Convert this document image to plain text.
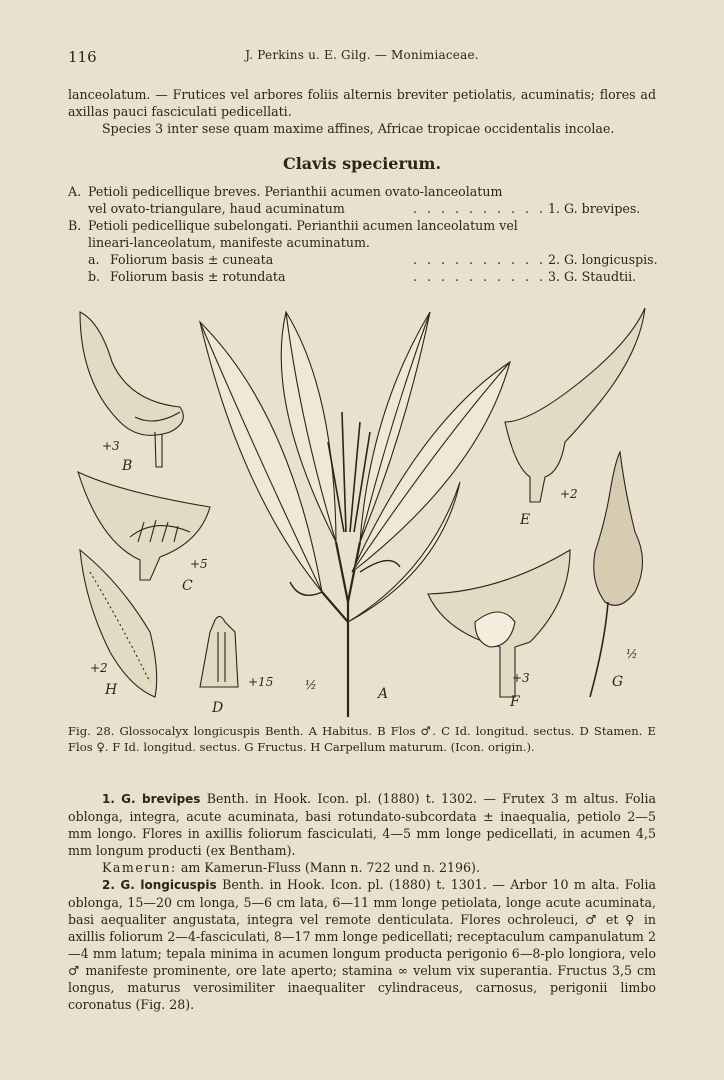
116	J. Perkins u. E. Gilg. — Monimiaceae.

lanceolatum. — Frutices vel arbores foliis alternis breviter petiolatis, acuminatis; flores ad axillas pauci fasciculati pedicellati.

Species 3 inter sese quam maxime affines, Africae tropicae occidentalis incolae.

Clavis specierum.
A. Petioli pedicellique breves. Perianthii acumen ovato-lanceolatum
vel ovato-triangulare, haud acuminatum	. . . . . . . . . . 1. G. brevipes.
B. Petioli pedicellique subelongati. Perianthii acumen lanceolatum vel
lineari-lanceolatum, manifeste acuminatum.
a. Foliorum basis ± cuneata	. . . . . . . . . . 2. G. longicuspis.
b. Foliorum basis ± rotundata	. . . . . . . . . . 3. G. Staudtii.
A
½
B
+3
C
+5
D
+15
E
+2
F
+3	G
½
H
+2
Fig. 28. Glossocalyx longicuspis Benth. A Habitus. B Flos ♂. C Id. longitud. sectus. D Stamen. E Flos ♀. F Id. longitud. sectus. G Fructus. H Carpellum maturum. (Icon. origin.).

1. G. brevipes Benth. in Hook. Icon. pl. (1880) t. 1302. — Frutex 3 m altus. Folia oblonga, integra, acute acuminata, basi rotundato-subcordata ± inaequalia, petiolo 2—5 mm longo. Flores in axillis foliorum fasciculati, 4—5 mm longe pedicellati, in acumen 4,5 mm longum producti (ex Bentham).

Kamerun: am Kamerun-Fluss (Mann n. 722 und n. 2196).

2. G. longicuspis Benth. in Hook. Icon. pl. (1880) t. 1301. — Arbor 10 m alta. Folia oblonga, 15—20 cm longa, 5—6 cm lata, 6—11 mm longe petiolata, longe acute acuminata, basi aequaliter angustata, integra vel remote denticulata. Flores ochroleuci, ♂ et ♀ in axillis foliorum 2—4-fasciculati, 8—17 mm longe pedicellati; receptaculum campanulatum 2—4 mm latum; tepala minima in acumen longum producta perigonio 6—8-plo longiora, velo ♂ manifeste prominente, ore late aperto; stamina ∞ velum vix superantia. Fructus 3,5 cm longus, maturus verosimiliter inaequaliter cylindraceus, carnosus, perigonii limbo coronatus (Fig. 28).
